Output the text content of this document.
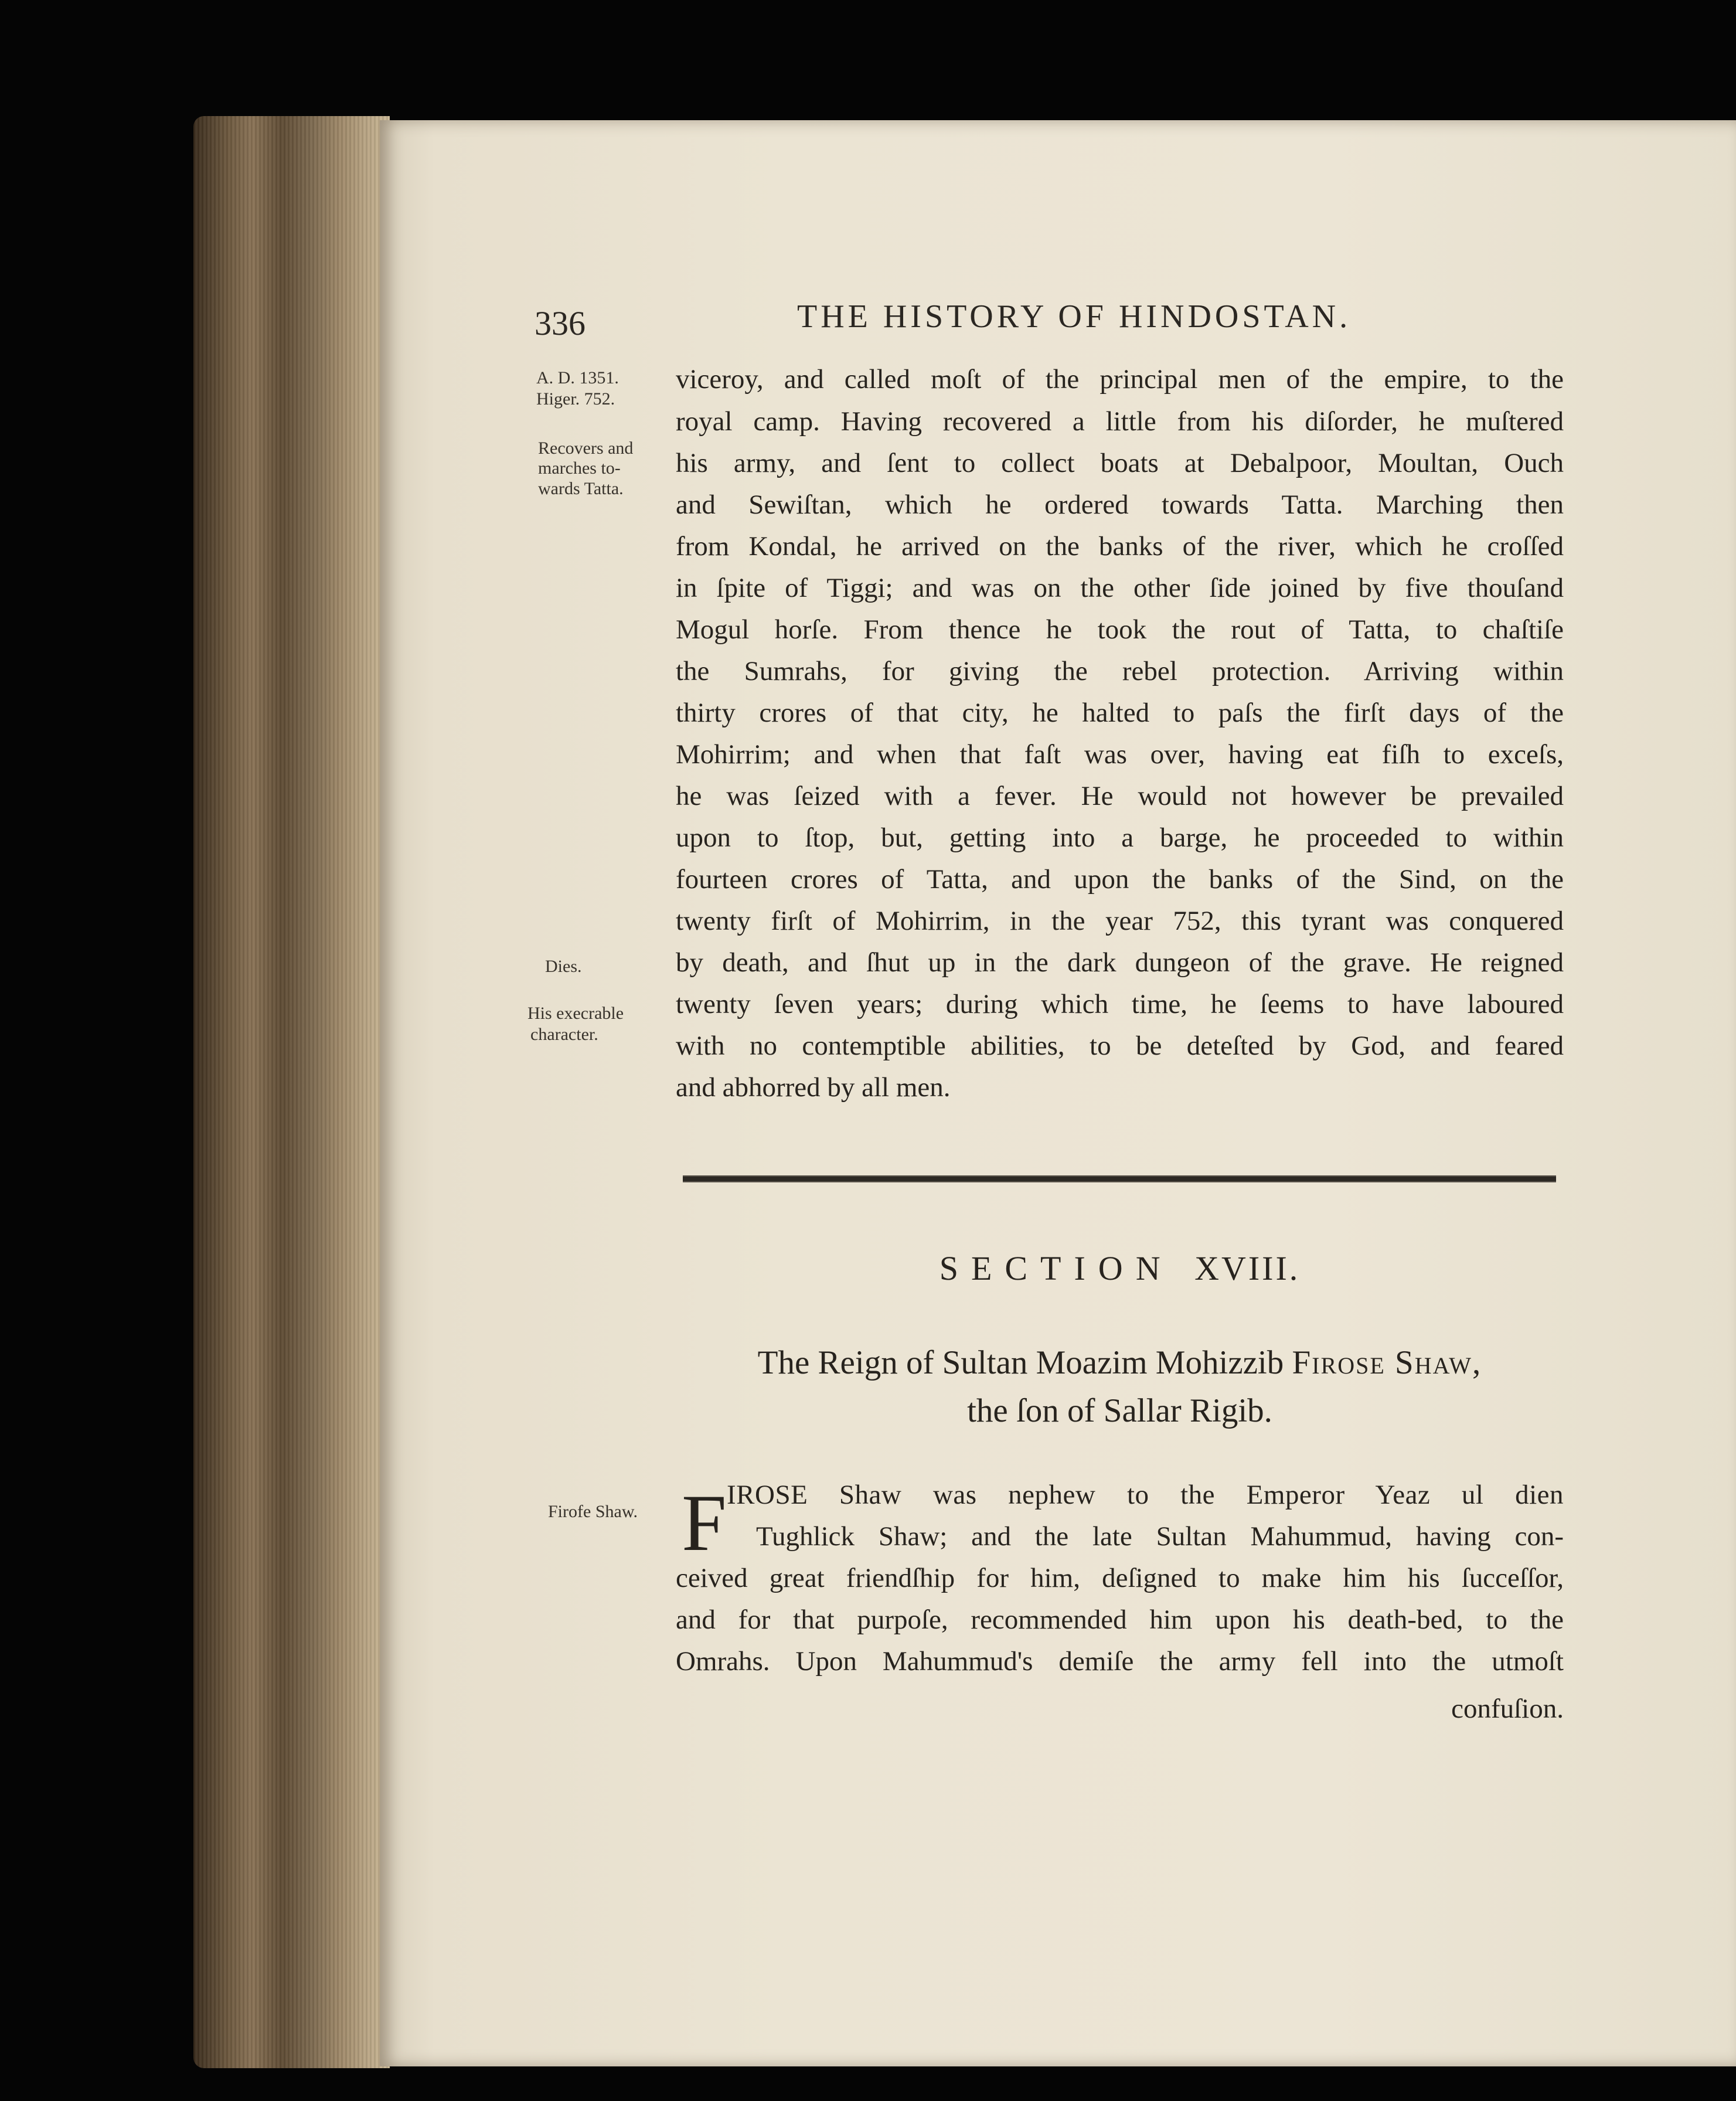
336	THE HISTORY OF HINDOSTAN.
A. D. 1351.
Higer. 752.
Recovers and
marches to-
wards Tatta.
Dies.
His execrable
character.
Firofe Shaw.
viceroy, and called moſt of the principal men of the empire, to the
royal camp. Having recovered a little from his diſorder, he muſtered
his army, and ſent to collect boats at Debalpoor, Moultan, Ouch
and Sewiſtan, which he ordered towards Tatta. Marching then
from Kondal, he arrived on the banks of the river, which he croſſed
in ſpite of Tiggi; and was on the other ſide joined by five thouſand
Mogul horſe. From thence he took the rout of Tatta, to chaſtiſe
the Sumrahs, for giving the rebel protection. Arriving within
thirty crores of that city, he halted to paſs the firſt days of the
Mohirrim; and when that faſt was over, having eat fiſh to exceſs,
he was ſeized with a fever. He would not however be prevailed
upon to ſtop, but, getting into a barge, he proceeded to within
fourteen crores of Tatta, and upon the banks of the Sind, on the
twenty firſt of Mohirrim, in the year 752, this tyrant was conquered
by death, and ſhut up in the dark dungeon of the grave. He reigned
twenty ſeven years; during which time, he ſeems to have laboured
with no contemptible abilities, to be deteſted by God, and feared
and abhorred by all men.
SECTION XVIII.
The Reign of Sultan Moazim Mohizzib Firose Shaw,
the ſon of Sallar Rigib.
F IROSE Shaw was nephew to the Emperor Yeaz ul dien
Tughlick Shaw; and the late Sultan Mahummud, having con-
ceived great friendſhip for him, deſigned to make him his ſucceſſor,
and for that purpoſe, recommended him upon his death-bed, to the
Omrahs. Upon Mahummud's demiſe the army fell into the utmoſt
confuſion.
